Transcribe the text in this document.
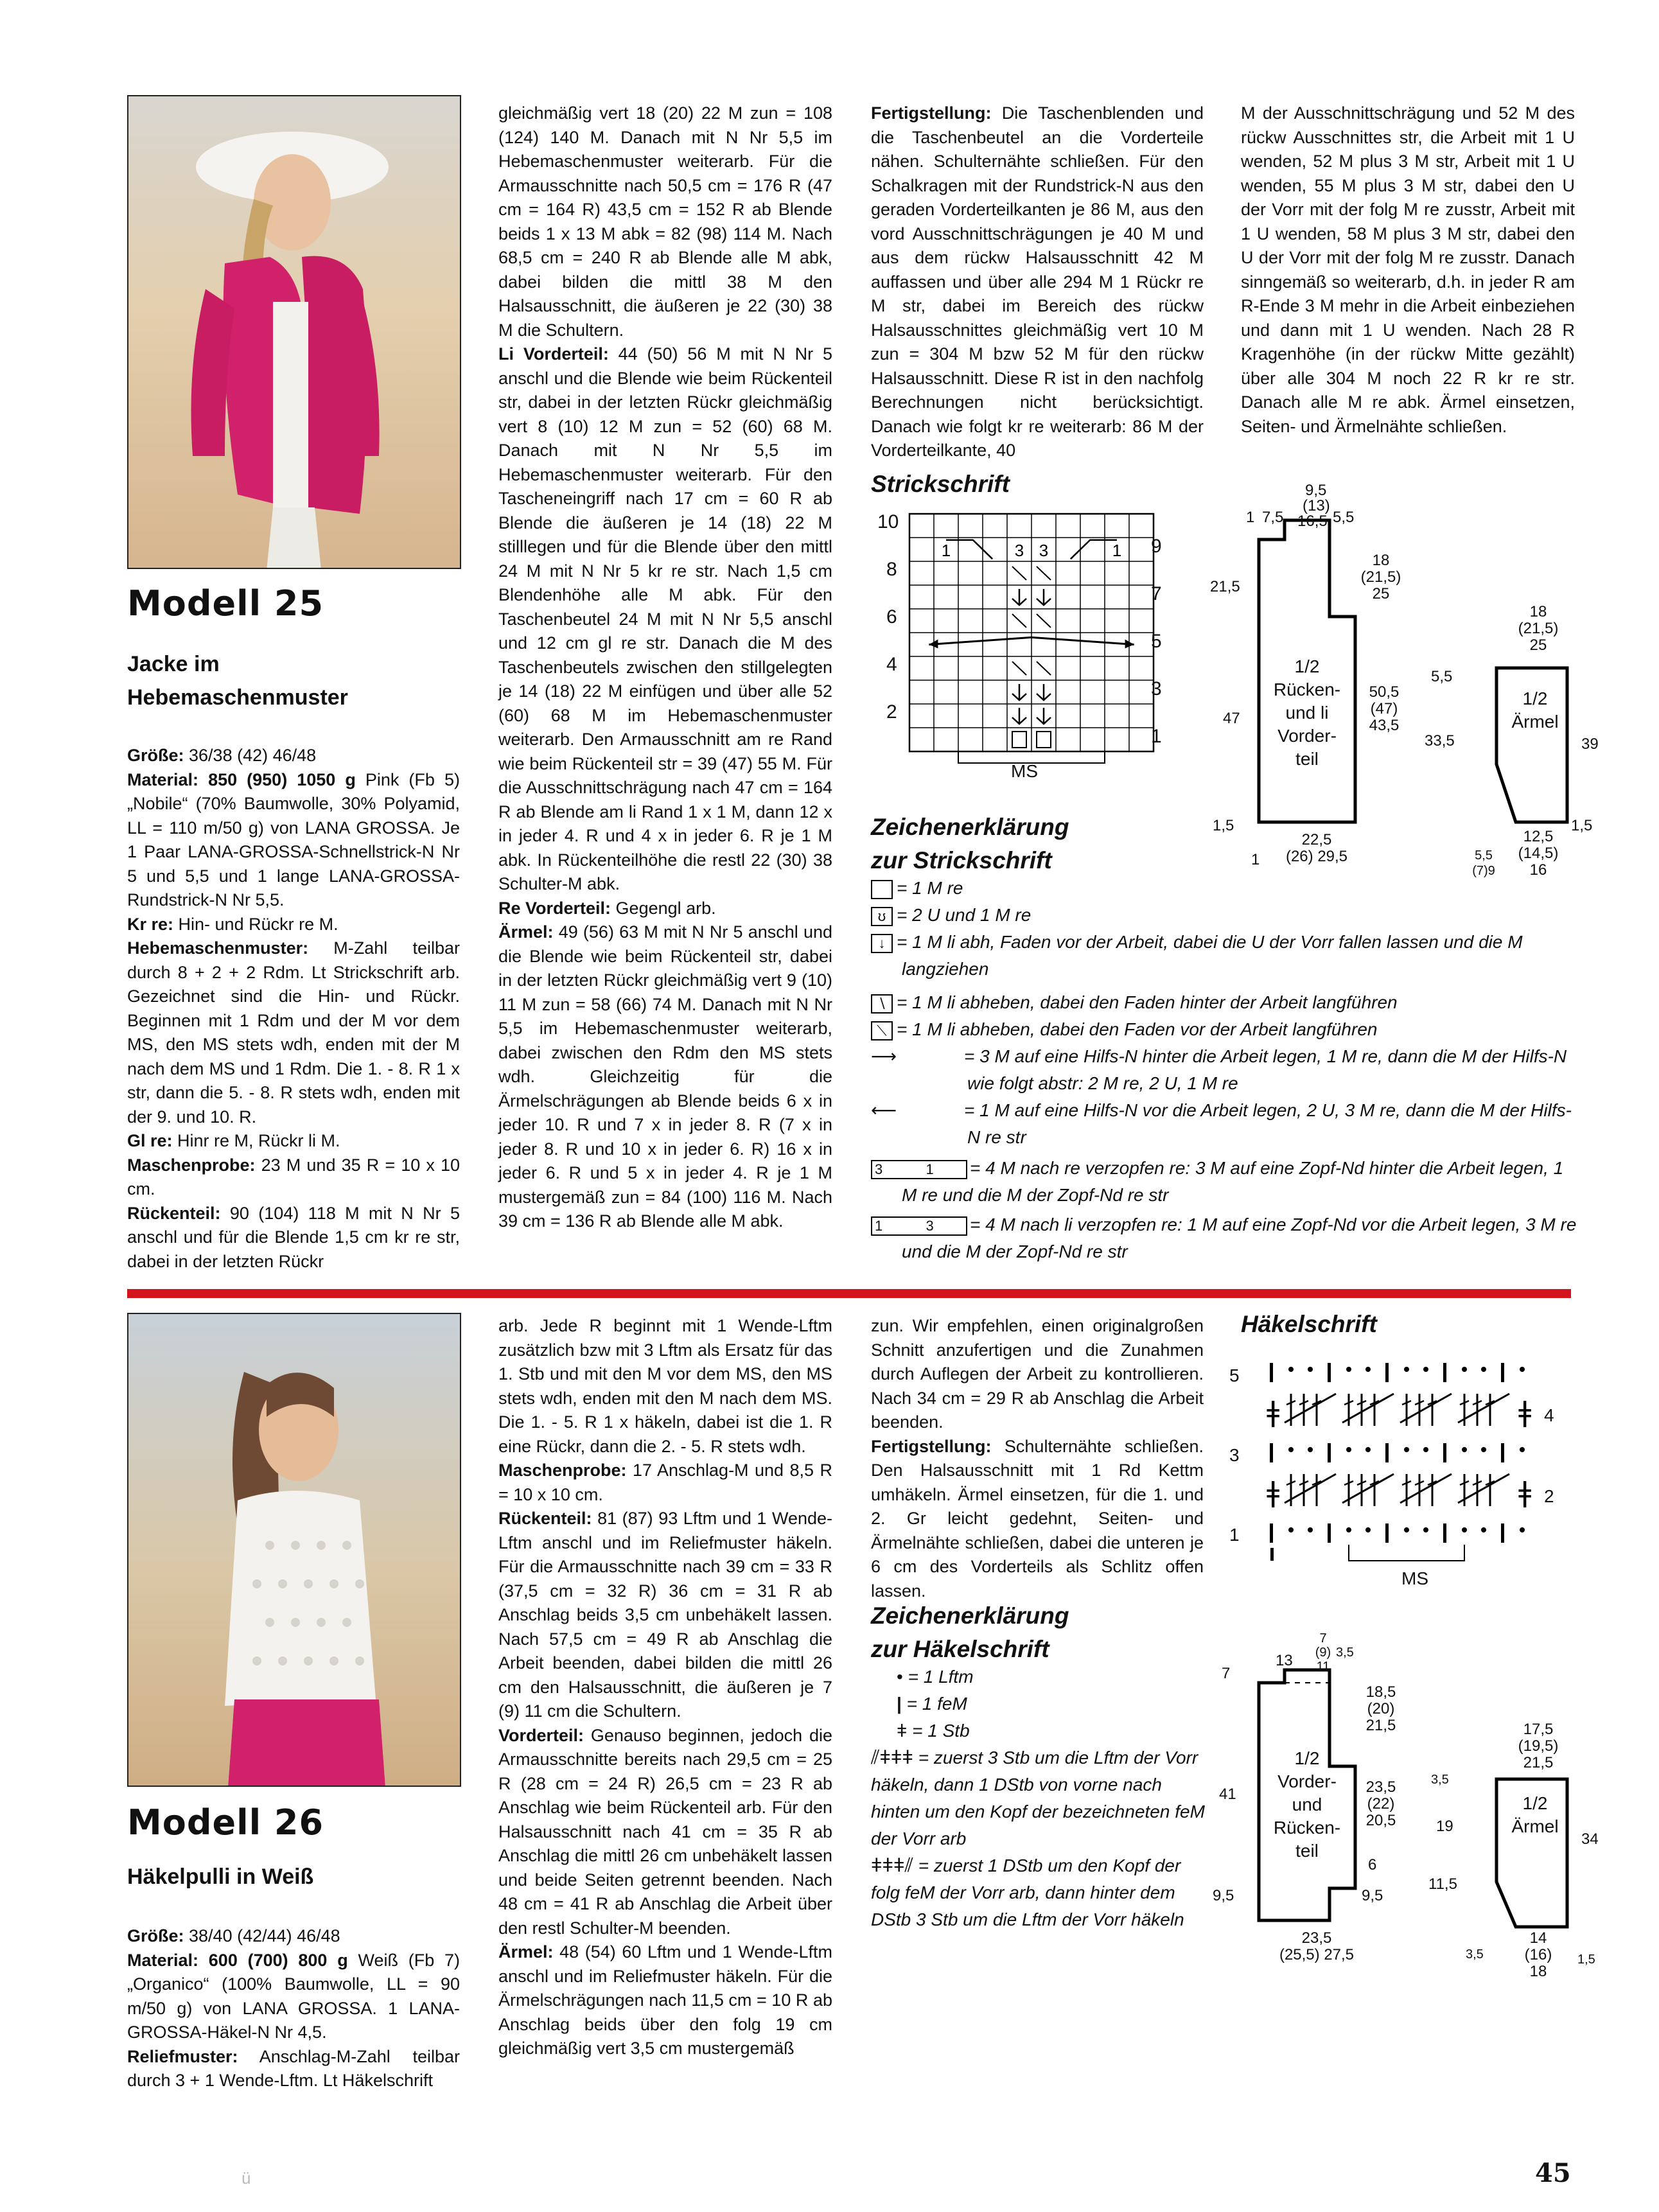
Modell 25
Jacke im
Hebemaschenmuster
Größe: 36/38 (42) 46/48
Material: 850 (950) 1050 g Pink (Fb 5) „Nobile“ (70% Baumwolle, 30% Polyamid, LL = 110 m/50 g) von LANA GROSSA. Je 1 Paar LANA-GROSSA-Schnellstrick-N Nr 5 und 5,5 und 1 lange LANA-GROSSA-Rundstrick-N Nr 5,5.
Kr re: Hin- und Rückr re M.
Hebemaschenmuster: M-Zahl teilbar durch 8 + 2 + 2 Rdm. Lt Strickschrift arb. Gezeichnet sind die Hin- und Rückr. Beginnen mit 1 Rdm und der M vor dem MS, den MS stets wdh, enden mit der M nach dem MS und 1 Rdm. Die 1. - 8. R 1 x str, dann die 5. - 8. R stets wdh, enden mit der 9. und 10. R.
Gl re: Hinr re M, Rückr li M.
Maschenprobe: 23 M und 35 R = 10 x 10 cm.
Rückenteil: 90 (104) 118 M mit N Nr 5 anschl und für die Blende 1,5 cm kr re str, dabei in der letzten Rückr
gleichmäßig vert 18 (20) 22 M zun = 108 (124) 140 M. Danach mit N Nr 5,5 im Hebemaschenmuster weiterarb. Für die Armausschnitte nach 50,5 cm = 176 R (47 cm = 164 R) 43,5 cm = 152 R ab Blende beids 1 x 13 M abk = 82 (98) 114 M. Nach 68,5 cm = 240 R ab Blende alle M abk, dabei bilden die mittl 38 M den Halsausschnitt, die äußeren je 22 (30) 38 M die Schultern.
Li Vorderteil: 44 (50) 56 M mit N Nr 5 anschl und die Blende wie beim Rückenteil str, dabei in der letzten Rückr gleichmäßig vert 8 (10) 12 M zun = 52 (60) 68 M. Danach mit N Nr 5,5 im Hebemaschenmuster weiterarb. Für den Tascheneingriff nach 17 cm = 60 R ab Blende die äußeren je 14 (18) 22 M stilllegen und für die Blende über den mittl 24 M mit N Nr 5 kr re str. Nach 1,5 cm Blendenhöhe alle M abk. Für den Taschenbeutel 24 M mit N Nr 5,5 anschl und 12 cm gl re str. Danach die M des Taschenbeutels zwischen den stillgelegten je 14 (18) 22 M einfügen und über alle 52 (60) 68 M im Hebemaschenmuster weiterarb. Den Armausschnitt am re Rand wie beim Rückenteil str = 39 (47) 55 M. Für die Ausschnittschrägung nach 47 cm = 164 R ab Blende am li Rand 1 x 1 M, dann 12 x in jeder 4. R und 4 x in jeder 6. R je 1 M abk. In Rückenteilhöhe die restl 22 (30) 38 Schulter-M abk.
Re Vorderteil: Gegengl arb.
Ärmel: 49 (56) 63 M mit N Nr 5 anschl und die Blende wie beim Rückenteil str, dabei in der letzten Rückr gleichmäßig vert 9 (10) 11 M zun = 58 (66) 74 M. Danach mit N Nr 5,5 im Hebemaschenmuster weiterarb, dabei zwischen den Rdm den MS stets wdh. Gleichzeitig für die Ärmelschrägungen ab Blende beids 6 x in jeder 10. R und 7 x in jeder 8. R (7 x in jeder 8. R und 10 x in jeder 6. R) 16 x in jeder 6. R und 5 x in jeder 4. R je 1 M mustergemäß zun = 84 (100) 116 M. Nach 39 cm = 136 R ab Blende alle M abk.
Fertigstellung: Die Taschenblenden und die Taschenbeutel an die Vorderteile nähen. Schulternähte schließen. Für den Schalkragen mit der Rundstrick-N aus den geraden Vorderteilkanten je 86 M, aus den vord Ausschnittschrägungen je 40 M und aus dem rückw Halsausschnitt 42 M auffassen und über alle 294 M 1 Rückr re M str, dabei im Bereich des rückw Halsausschnittes gleichmäßig vert 10 M zun = 304 M bzw 52 M für den rückw Halsausschnitt. Diese R ist in den nachfolg Berechnungen nicht berücksichtigt. Danach wie folgt kr re weiterarb: 86 M der Vorderteilkante, 40
M der Ausschnittschrägung und 52 M des rückw Ausschnittes str, die Arbeit mit 1 U wenden, 52 M plus 3 M str, Arbeit mit 1 U wenden, 55 M plus 3 M str, dabei den U der Vorr mit der folg M re zusstr, Arbeit mit 1 U wenden, 58 M plus 3 M str, dabei den U der Vorr mit der folg M re zusstr. Danach sinngemäß so weiterarb, d.h. in jeder R am R-Ende 3 M mehr in die Arbeit einbeziehen und dann mit 1 U wenden. Nach 28 R Kragenhöhe (in der rückw Mitte gezählt) über alle 304 M noch 22 R kr re str. Danach alle M re abk. Ärmel einsetzen, Seiten- und Ärmelnähte schließen.
Strickschrift
1	3 3	1
10
8
6
4
2
9
7
5
3
1
MS
Zeichenerklärung
zur Strickschrift
= 1 M re
ʊ = 2 U und 1 M re
↓ = 1 M li abh, Faden vor der Arbeit, dabei die U der Vorr fallen lassen und die M langziehen
∖ = 1 M li abheben, dabei den Faden hinter der Arbeit langführen
⟍ = 1 M li abheben, dabei den Faden vor der Arbeit langführen
⟶	= 3 M auf eine Hilfs-N hinter die Arbeit legen, 1 M re, dann die M der Hilfs-N wie folgt abstr: 2 M re, 2 U, 1 M re
⟵	= 1 M auf eine Hilfs-N vor die Arbeit legen, 2 U, 3 M re, dann die M der Hilfs-N re str
3           1 = 4 M nach re verzopfen re: 3 M auf eine Zopf-Nd hinter die Arbeit legen, 1 M re und die M der Zopf-Nd re str
1           3 = 4 M nach li verzopfen re: 1 M auf eine Zopf-Nd vor die Arbeit legen, 3 M re und die M der Zopf-Nd re str
1/2
Rücken-
und li
Vorder-
teil
1 7,5
9,5
(13)
16,5 5,5
18
(21,5)
25
21,5
47
50,5
(47)
43,5
22,5
(26) 29,5
1
1,5
1/2
Ärmel
18
(21,5)
25
5,5
33,5	39
12,5
(14,5)
16
5,5
(7)9
1,5
Modell 26
Häkelpulli in Weiß
Größe: 38/40 (42/44) 46/48
Material: 600 (700) 800 g Weiß (Fb 7) „Organico“ (100% Baumwolle, LL = 90 m/50 g) von LANA GROSSA. 1 LANA-GROSSA-Häkel-N Nr 4,5.
Reliefmuster: Anschlag-M-Zahl teilbar durch 3 + 1 Wende-Lftm. Lt Häkelschrift
arb. Jede R beginnt mit 1 Wende-Lftm zusätzlich bzw mit 3 Lftm als Ersatz für das 1. Stb und mit den M vor dem MS, den MS stets wdh, enden mit den M nach dem MS. Die 1. - 5. R 1 x häkeln, dabei ist die 1. R eine Rückr, dann die 2. - 5. R stets wdh.
Maschenprobe: 17 Anschlag-M und 8,5 R = 10 x 10 cm.
Rückenteil: 81 (87) 93 Lftm und 1 Wende-Lftm anschl und im Reliefmuster häkeln. Für die Armausschnitte nach 39 cm = 33 R (37,5 cm = 32 R) 36 cm = 31 R ab Anschlag beids 3,5 cm unbehäkelt lassen. Nach 57,5 cm = 49 R ab Anschlag die Arbeit beenden, dabei bilden die mittl 26 cm den Halsausschnitt, die äußeren je 7 (9) 11 cm die Schultern.
Vorderteil: Genauso beginnen, jedoch die Armausschnitte bereits nach 29,5 cm = 25 R (28 cm = 24 R) 26,5 cm = 23 R ab Anschlag wie beim Rückenteil arb. Für den Halsausschnitt nach 41 cm = 35 R ab Anschlag die mittl 26 cm unbehäkelt lassen und beide Seiten getrennt beenden. Nach 48 cm = 41 R ab Anschlag die Arbeit über den restl Schulter-M beenden.
Ärmel: 48 (54) 60 Lftm und 1 Wende-Lftm anschl und im Reliefmuster häkeln. Für die Ärmelschrägungen nach 11,5 cm = 10 R ab Anschlag beids über den folg 19 cm gleichmäßig vert 3,5 cm mustergemäß
zun. Wir empfehlen, einen originalgroßen Schnitt anzufertigen und die Zunahmen durch Auflegen der Arbeit zu kontrollieren. Nach 34 cm = 29 R ab Anschlag die Arbeit beenden.
Fertigstellung: Schulternähte schließen. Den Halsausschnitt mit 1 Rd Kettm umhäkeln. Ärmel einsetzen, für die 1. und 2. Gr leicht gedehnt, Seiten- und Ärmelnähte schließen, dabei die unteren je 6 cm des Vorderteils als Schlitz offen lassen.
Häkelschrift
ǂ	ǂ
ǂ	ǂ
5
3
1
4
2
MS
Zeichenerklärung
zur Häkelschrift
• = 1 Lftm
| = 1 feM
ǂ = 1 Stb
⫽ǂǂǂ = zuerst 3 Stb um die Lftm der Vorr häkeln, dann 1 DStb von vorne nach hinten um den Kopf der bezeichneten feM der Vorr arb
ǂǂǂ⫽ = zuerst 1 DStb um den Kopf der folg feM der Vorr arb, dann hinter dem DStb 3 Stb um die Lftm der Vorr häkeln
1/2
Vorder-
und
Rücken-
teil
13
7
(9)
11
3,5
18,5
(20)
21,5
7
41
9,5
23,5
(22)
20,5
6
9,5
23,5
(25,5) 27,5
1/2
Ärmel
17,5
(19,5)
21,5
3,5
19
11,5
34
14
(16)
18
3,5	1,5
ü	45
